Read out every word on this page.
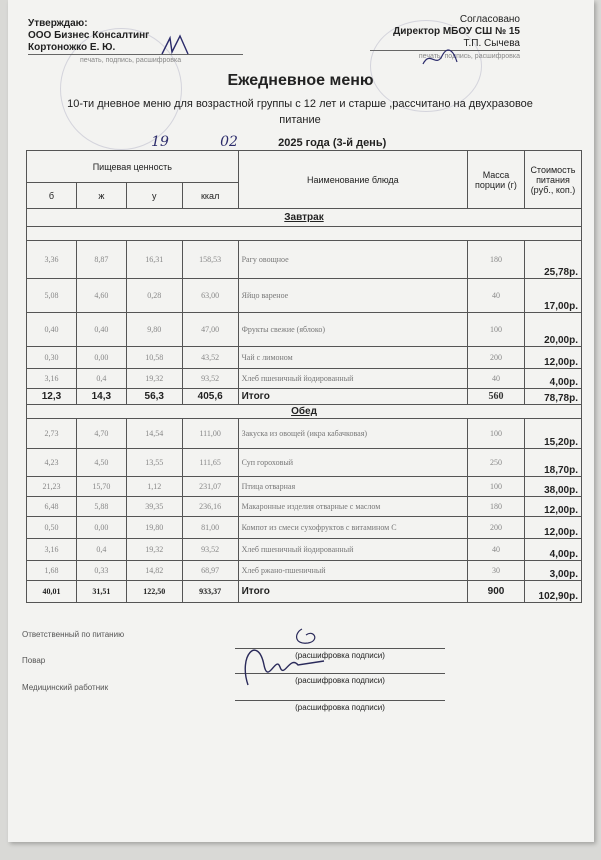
Утверждаю:
ООО Бизнес Консалтинг
Кортоножко Е. Ю.
печать, подпись, расшифровка
Согласовано
Директор МБОУ СШ № 15
Т.П. Сычева
печать, подпись, расшифровка
Ежедневное меню
10-ти дневное меню для возрастной группы с 12 лет и старше ,рассчитано на двухразовое питание
19	02	2025 года (3-й день)
Пищевая ценность				Наименование блюда	Масса порции (г)	Стоимость питания (руб., коп.)
б	ж	у	ккал			
Завтрак						

3,36	8,87	16,31	158,53	Рагу овощное	180	25,78р.
5,08	4,60	0,28	63,00	Яйцо вареное	40	17,00р.
0,40	0,40	9,80	47,00	Фрукты свежие (яблоко)	100	20,00р.
0,30	0,00	10,58	43,52	Чай с лимоном	200	12,00р.
3,16	0,4	19,32	93,52	Хлеб пшеничный йодированный	40	4,00р.
12,3	14,3	56,3	405,6	Итого	560	78,78р.
Обед						
2,73	4,70	14,54	111,00	Закуска из овощей (икра кабачковая)	100	15,20р.
4,23	4,50	13,55	111,65	Суп гороховый	250	18,70р.
21,23	15,70	1,12	231,07	Птица отварная	100	38,00р.
6,48	5,88	39,35	236,16	Макаронные изделия отварные с маслом	180	12,00р.
0,50	0,00	19,80	81,00	Компот из смеси сухофруктов с витамином С	200	12,00р.
3,16	0,4	19,32	93,52	Хлеб пшеничный йодированный	40	4,00р.
1,68	0,33	14,82	68,97	Хлеб ржано-пшеничный	30	3,00р.
40,01	31,51	122,50	933,37	Итого	900	102,90р.
Ответственный по питанию
(расшифровка подписи)
Повар
(расшифровка подписи)
Медицинский работник
(расшифровка подписи)
